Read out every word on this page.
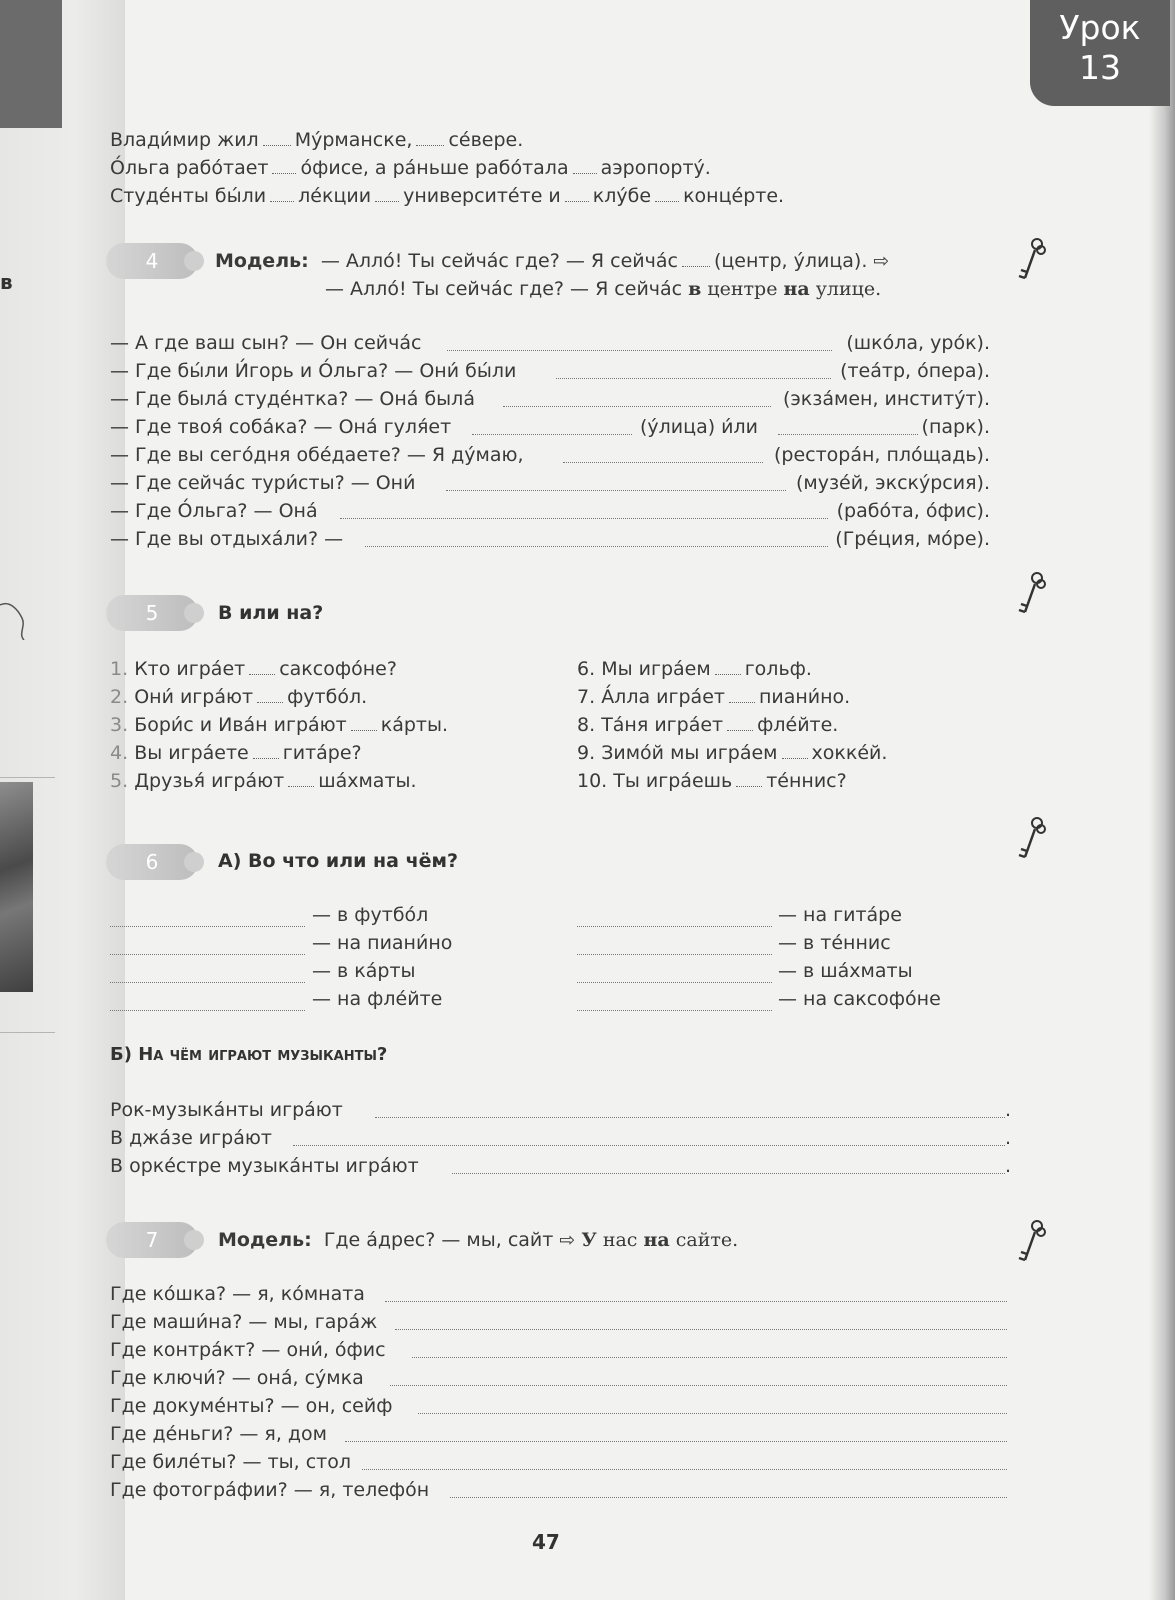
в
Урок
13
Влади́мир жил Му́рманске, се́вере.
О́льга рабо́тает о́фисе, а ра́ньше рабо́тала аэропорту́.
Студе́нты бы́ли ле́кции университе́те и клу́бе конце́рте.
4	Модель: — Алло́! Ты сейча́с где? — Я сейча́с (центр, у́лица). ⇨
— Алло́! Ты сейча́с где? — Я сейча́с в центре на улице.
— А где ваш сын? — Он сейча́с	(шко́ла, уро́к).
— Где бы́ли И́горь и О́льга? — Они́ бы́ли	(теа́тр, о́пера).
— Где была́ студе́нтка? — Она́ была́	(экза́мен, институ́т).
— Где твоя́ соба́ка? — Она́ гуля́ет	(у́лица) и́ли	(парк).
— Где вы сего́дня обе́даете? — Я ду́маю,	(рестора́н, пло́щадь).
— Где сейча́с тури́сты? — Они́	(музе́й, экску́рсия).
— Где О́льга? — Она́	(рабо́та, о́фис).
— Где вы отдыха́ли? —	(Гре́ция, мо́ре).
5	В или на?
1. Кто игра́ет саксофо́не?
2. Они́ игра́ют футбо́л.
3. Бори́с и Ива́н игра́ют ка́рты.
4. Вы игра́ете гита́ре?
5. Друзья́ игра́ют ша́хматы.
6. Мы игра́ем гольф.
7. А́лла игра́ет пиани́но.
8. Та́ня игра́ет фле́йте.
9. Зимо́й мы игра́ем хокке́й.
10. Ты игра́ешь те́ннис?
6	А) Во что или на чём?
— в футбо́л
— на пиани́но
— в ка́рты
— на фле́йте
— на гита́ре
— в те́ннис
— в ша́хматы
— на саксофо́не
Б) На чём играют музыканты?
Рок-музыка́нты игра́ют	.
В джа́зе игра́ют	.
В орке́стре музыка́нты игра́ют	.
7	Модель: Где а́дрес? — мы, сайт ⇨ У нас на сайте.
Где ко́шка? — я, ко́мната
Где маши́на? — мы, гара́ж
Где контра́кт? — они́, о́фис
Где ключи́? — она́, су́мка
Где докуме́нты? — он, сейф
Где де́ньги? — я, дом
Где биле́ты? — ты, стол
Где фотогра́фии? — я, телефо́н
47
